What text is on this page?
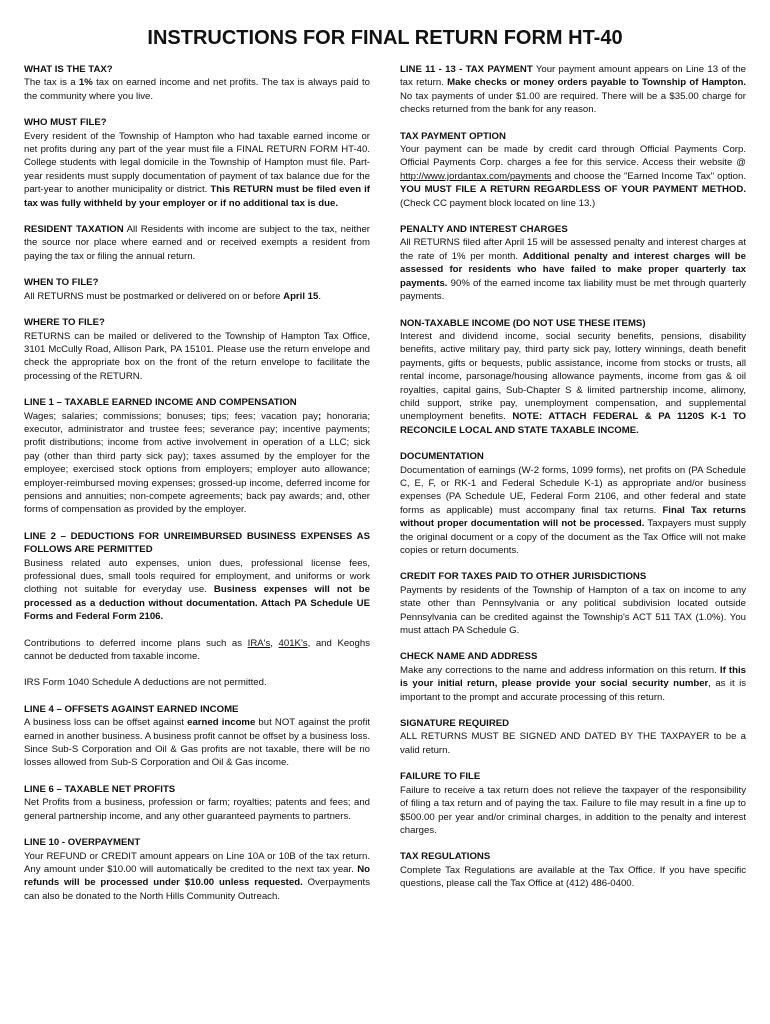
INSTRUCTIONS FOR FINAL RETURN FORM HT-40
WHAT IS THE TAX?

The tax is a 1% tax on earned income and net profits. The tax is always paid to the community where you live.

WHO MUST FILE?

Every resident of the Township of Hampton who had taxable earned income or net profits during any part of the year must file a FINAL RETURN FORM HT-40. College students with legal domicile in the Township of Hampton must file. Part-year residents must supply documentation of payment of tax balance due for the part-year to another municipality or district. This RETURN must be filed even if tax was fully withheld by your employer or if no additional tax is due.

RESIDENT TAXATION All Residents with income are subject to the tax, neither the source nor place where earned and or received exempts a resident from paying the tax or filing the annual return.

WHEN TO FILE?

All RETURNS must be postmarked or delivered on or before April 15.

WHERE TO FILE?

RETURNS can be mailed or delivered to the Township of Hampton Tax Office, 3101 McCully Road, Allison Park, PA 15101. Please use the return envelope and check the appropriate box on the front of the return envelope to facilitate the processing of the RETURN.

LINE 1 – TAXABLE EARNED INCOME AND COMPENSATION

Wages; salaries; commissions; bonuses; tips; fees; vacation pay; honoraria; executor, administrator and trustee fees; severance pay; incentive payments; profit distributions; income from active involvement in operation of a LLC; sick pay (other than third party sick pay); taxes assumed by the employer for the employee; exercised stock options from employers; employer auto allowance; employer-reimbursed moving expenses; grossed-up income, deferred income for pensions and annuities; non-compete agreements; back pay awards; and, other forms of compensation as provided by the employer.

LINE 2 – DEDUCTIONS FOR UNREIMBURSED BUSINESS EXPENSES AS FOLLOWS ARE PERMITTED

Business related auto expenses, union dues, professional license fees, professional dues, small tools required for employment, and uniforms or work clothing not suitable for everyday use. Business expenses will not be processed as a deduction without documentation. Attach PA Schedule UE Forms and Federal Form 2106.

Contributions to deferred income plans such as IRA's, 401K's, and Keoghs cannot be deducted from taxable income.

IRS Form 1040 Schedule A deductions are not permitted.

LINE 4 – OFFSETS AGAINST EARNED INCOME

A business loss can be offset against earned income but NOT against the profit earned in another business. A business profit cannot be offset by a business loss. Since Sub-S Corporation and Oil & Gas profits are not taxable, there will be no losses allowed from Sub-S Corporation and Oil & Gas income.

LINE 6 – TAXABLE NET PROFITS

Net Profits from a business, profession or farm; royalties; patents and fees; and general partnership income, and any other guaranteed payments to partners.

LINE 10 - OVERPAYMENT

Your REFUND or CREDIT amount appears on Line 10A or 10B of the tax return. Any amount under $10.00 will automatically be credited to the next tax year. No refunds will be processed under $10.00 unless requested. Overpayments can also be donated to the North Hills Community Outreach.

LINE 11 - 13 - TAX PAYMENT Your payment amount appears on Line 13 of the tax return. Make checks or money orders payable to Township of Hampton. No tax payments of under $1.00 are required. There will be a $35.00 charge for checks returned from the bank for any reason.

TAX PAYMENT OPTION

Your payment can be made by credit card through Official Payments Corp. Official Payments Corp. charges a fee for this service. Access their website @ http://www.jordantax.com/payments and choose the "Earned Income Tax" option. YOU MUST FILE A RETURN REGARDLESS OF YOUR PAYMENT METHOD. (Check CC payment block located on line 13.)

PENALTY AND INTEREST CHARGES

All RETURNS filed after April 15 will be assessed penalty and interest charges at the rate of 1% per month. Additional penalty and interest charges will be assessed for residents who have failed to make proper quarterly tax payments. 90% of the earned income tax liability must be met through quarterly payments.

NON-TAXABLE INCOME (DO NOT USE THESE ITEMS)

Interest and dividend income, social security benefits, pensions, disability benefits, active military pay, third party sick pay, lottery winnings, death benefit payments, gifts or bequests, public assistance, income from stocks or trusts, all rental income, parsonage/housing allowance payments, income from gas & oil royalties, capital gains, Sub-Chapter S & limited partnership income, alimony, child support, strike pay, unemployment compensation, and supplemental unemployment benefits. NOTE: ATTACH FEDERAL & PA 1120S K-1 TO RECONCILE LOCAL AND STATE TAXABLE INCOME.

DOCUMENTATION

Documentation of earnings (W-2 forms, 1099 forms), net profits on (PA Schedule C, E, F, or RK-1 and Federal Schedule K-1) as appropriate and/or business expenses (PA Schedule UE, Federal Form 2106, and other federal and state forms as applicable) must accompany final tax returns. Final Tax returns without proper documentation will not be processed. Taxpayers must supply the original document or a copy of the document as the Tax Office will not make copies or return documents.

CREDIT FOR TAXES PAID TO OTHER JURISDICTIONS

Payments by residents of the Township of Hampton of a tax on income to any state other than Pennsylvania or any political subdivision located outside Pennsylvania can be credited against the Township's ACT 511 TAX (1.0%). You must attach PA Schedule G.

CHECK NAME AND ADDRESS

Make any corrections to the name and address information on this return. If this is your initial return, please provide your social security number, as it is important to the prompt and accurate processing of this return.

SIGNATURE REQUIRED

ALL RETURNS MUST BE SIGNED AND DATED BY THE TAXPAYER to be a valid return.

FAILURE TO FILE

Failure to receive a tax return does not relieve the taxpayer of the responsibility of filing a tax return and of paying the tax. Failure to file may result in a fine up to $500.00 per year and/or criminal charges, in addition to the penalty and interest charges.

TAX REGULATIONS

Complete Tax Regulations are available at the Tax Office. If you have specific questions, please call the Tax Office at (412) 486-0400.
